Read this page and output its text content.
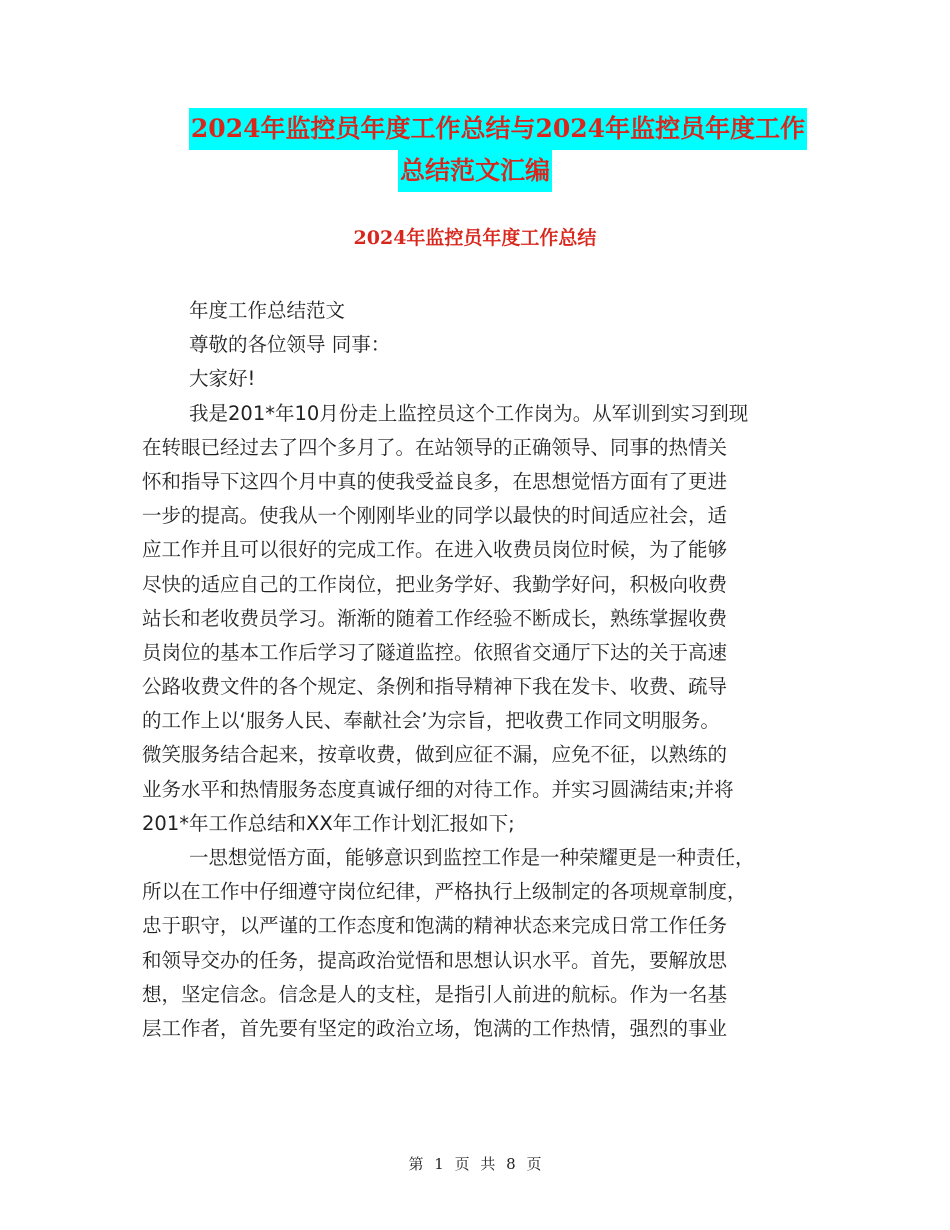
2024年监控员年度工作总结与2024年监控员年度工作
总结范文汇编
2024年监控员年度工作总结
年度工作总结范文
尊敬的各位领导 同事：
大家好!
我是201*年10月份走上监控员这个工作岗为。从军训到实习到现
在转眼已经过去了四个多月了。在站领导的正确领导、同事的热情关
怀和指导下这四个月中真的使我受益良多，在思想觉悟方面有了更进
一步的提高。使我从一个刚刚毕业的同学以最快的时间适应社会，适
应工作并且可以很好的完成工作。在进入收费员岗位时候，为了能够
尽快的适应自己的工作岗位，把业务学好、我勤学好问，积极向收费
站长和老收费员学习。渐渐的随着工作经验不断成长，熟练掌握收费
员岗位的基本工作后学习了隧道监控。依照省交通厅下达的关于高速
公路收费文件的各个规定、条例和指导精神下我在发卡、收费、疏导
的工作上以‘服务人民、奉献社会’为宗旨，把收费工作同文明服务。
微笑服务结合起来，按章收费，做到应征不漏，应免不征，以熟练的
业务水平和热情服务态度真诚仔细的对待工作。并实习圆满结束;并将
201*年工作总结和XX年工作计划汇报如下;
一思想觉悟方面，能够意识到监控工作是一种荣耀更是一种责任，
所以在工作中仔细遵守岗位纪律，严格执行上级制定的各项规章制度，
忠于职守，以严谨的工作态度和饱满的精神状态来完成日常工作任务
和领导交办的任务，提高政治觉悟和思想认识水平。首先，要解放思
想，坚定信念。信念是人的支柱，是指引人前进的航标。作为一名基
层工作者，首先要有坚定的政治立场，饱满的工作热情，强烈的事业
第 1 页 共 8 页
